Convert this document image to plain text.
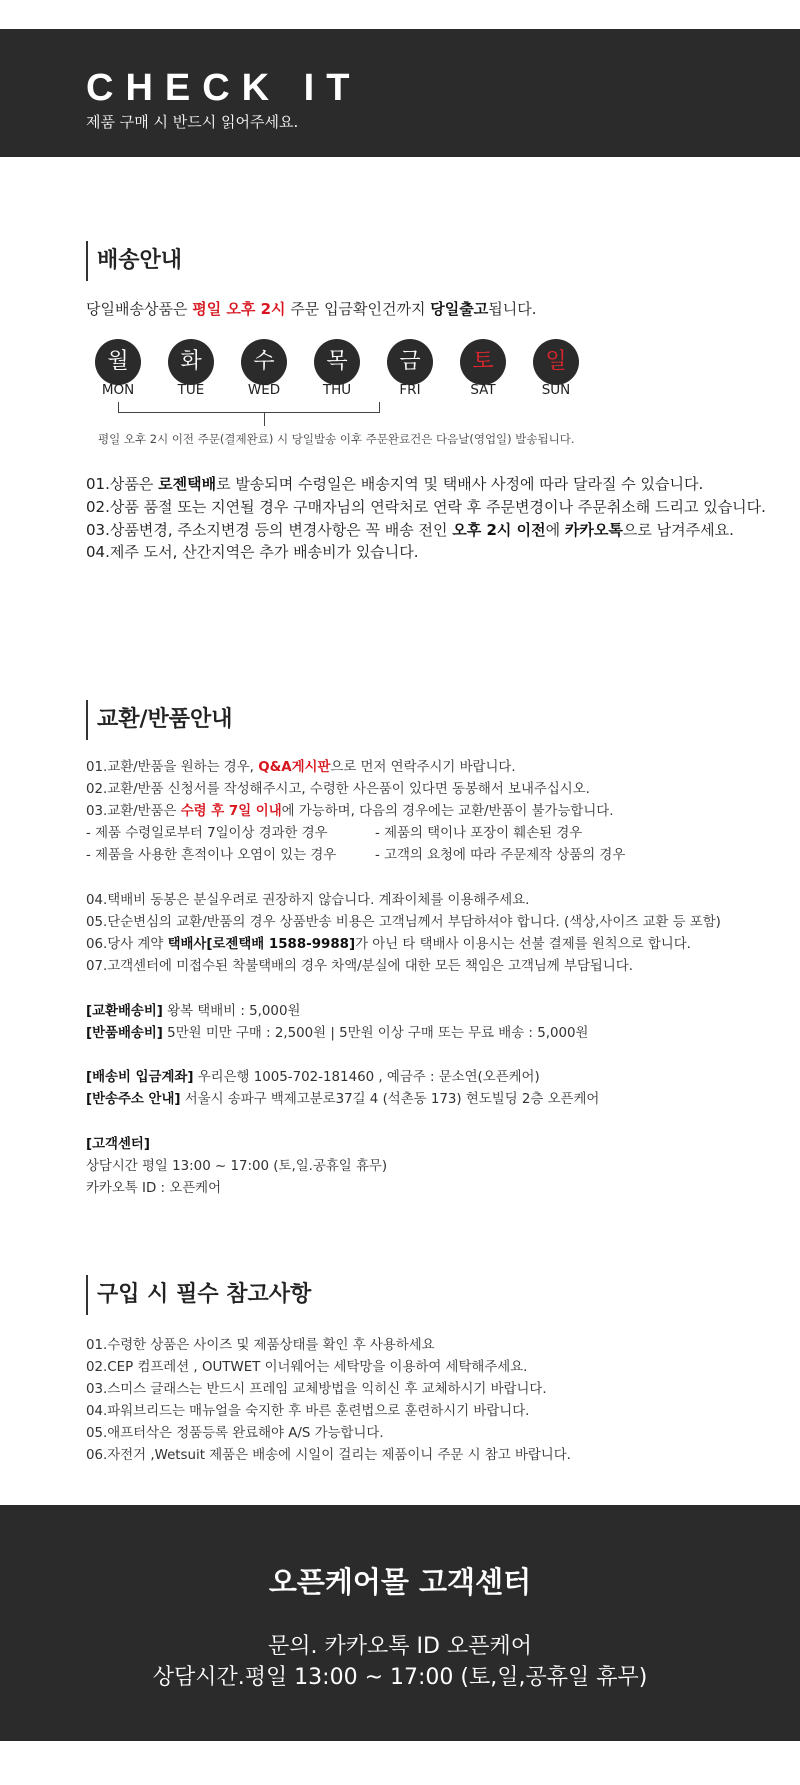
CHECK IT
제품 구매 시 반드시 읽어주세요.
배송안내
당일배송상품은 평일 오후 2시 주문 입금확인건까지 당일출고됩니다.
월	화	수	목	금	토	일
MON	TUE	WED	THU	FRI	SAT	SUN
평일 오후 2시 이전 주문(결제완료) 시 당일발송 이후 주문완료건은 다음날(영업일) 발송됩니다.
01.상품은 로젠택배로 발송되며 수령일은 배송지역 및 택배사 사정에 따라 달라질 수 있습니다.
02.상품 품절 또는 지연될 경우 구매자님의 연락처로 연락 후 주문변경이나 주문취소해 드리고 있습니다.
03.상품변경, 주소지변경 등의 변경사항은 꼭 배송 전인 오후 2시 이전에 카카오톡으로 남겨주세요.
04.제주 도서, 산간지역은 추가 배송비가 있습니다.
교환/반품안내
01.교환/반품을 원하는 경우, Q&A게시판으로 먼저 연락주시기 바랍니다.
02.교환/반품 신청서를 작성해주시고, 수령한 사은품이 있다면 동봉해서 보내주십시오.
03.교환/반품은 수령 후 7일 이내에 가능하며, 다음의 경우에는 교환/반품이 불가능합니다.
- 제품 수령일로부터 7일이상 경과한 경우	- 제품의 택이나 포장이 훼손된 경우
- 제품을 사용한 흔적이나 오염이 있는 경우	- 고객의 요청에 따라 주문제작 상품의 경우
04.택배비 동봉은 분실우려로 권장하지 않습니다. 계좌이체를 이용해주세요.
05.단순변심의 교환/반품의 경우 상품반송 비용은 고객님께서 부담하셔야 합니다. (색상,사이즈 교환 등 포함)
06.당사 계약 택배사[로젠택배 1588-9988]가 아닌 타 택배사 이용시는 선불 결제를 원칙으로 합니다.
07.고객센터에 미접수된 착불택배의 경우 차액/분실에 대한 모든 책임은 고객님께 부담됩니다.
[교환배송비] 왕복 택배비 : 5,000원
[반품배송비] 5만원 미만 구매 : 2,500원 | 5만원 이상 구매 또는 무료 배송 : 5,000원
[배송비 입금계좌] 우리은행 1005-702-181460 , 예금주 : 문소연(오픈케어)
[반송주소 안내] 서울시 송파구 백제고분로37길 4 (석촌동 173) 현도빌딩 2층 오픈케어
[고객센터]
상담시간 평일 13:00 ~ 17:00 (토,일.공휴일 휴무)
카카오톡 ID : 오픈케어
구입 시 필수 참고사항
01.수령한 상품은 사이즈 및 제품상태를 확인 후 사용하세요
02.CEP 컴프레션 , OUTWET 이너웨어는 세탁망을 이용하여 세탁해주세요.
03.스미스 글래스는 반드시 프레임 교체방법을 익히신 후 교체하시기 바랍니다.
04.파워브리드는 매뉴얼을 숙지한 후 바른 훈련법으로 훈련하시기 바랍니다.
05.애프터삭은 정품등록 완료해야 A/S 가능합니다.
06.자전거 ,Wetsuit 제품은 배송에 시일이 걸리는 제품이니 주문 시 참고 바랍니다.
오픈케어몰 고객센터
문의. 카카오톡 ID 오픈케어
상담시간.평일 13:00 ~ 17:00 (토,일,공휴일 휴무)
